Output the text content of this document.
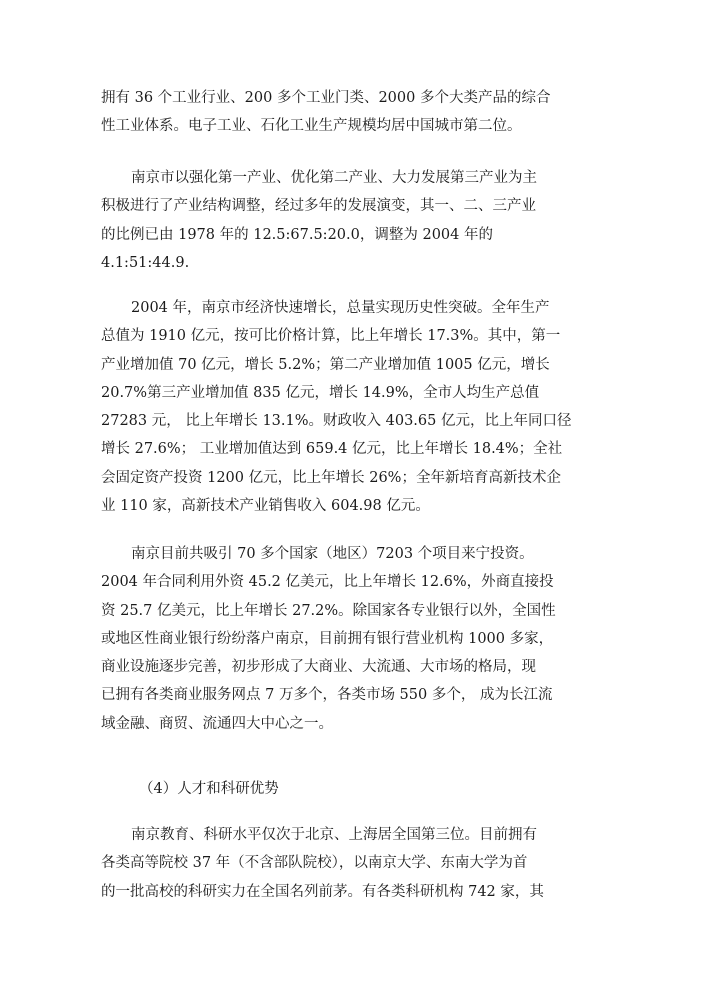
拥有 36 个工业行业、200 多个工业门类、2000 多个大类产品的综合
性工业体系。电子工业、石化工业生产规模均居中国城市第二位。
南京市以强化第一产业、优化第二产业、大力发展第三产业为主
积极进行了产业结构调整，经过多年的发展演变，其一、二、三产业
的比例已由 1978 年的 12.5:67.5:20.0，调整为 2004 年的
4.1:51:44.9.
2004 年，南京市经济快速增长，总量实现历史性突破。全年生产
总值为 1910 亿元，按可比价格计算，比上年增长 17.3%。其中，第一
产业增加值 70 亿元，增长 5.2%；第二产业增加值 1005 亿元，增长
20.7%第三产业增加值 835 亿元，增长 14.9%，全市人均生产总值
27283 元， 比上年增长 13.1%。财政收入 403.65 亿元，比上年同口径
增长 27.6%； 工业增加值达到 659.4 亿元，比上年增长 18.4%；全社
会固定资产投资 1200 亿元，比上年增长 26%；全年新培育高新技术企
业 110 家，高新技术产业销售收入 604.98 亿元。
南京目前共吸引 70 多个国家（地区）7203 个项目来宁投资。
2004 年合同利用外资 45.2 亿美元，比上年增长 12.6%，外商直接投
资 25.7 亿美元，比上年增长 27.2%。除国家各专业银行以外，全国性
或地区性商业银行纷纷落户南京，目前拥有银行营业机构 1000 多家，
商业设施逐步完善，初步形成了大商业、大流通、大市场的格局，现
已拥有各类商业服务网点 7 万多个，各类市场 550 多个， 成为长江流
域金融、商贸、流通四大中心之一。
（4）人才和科研优势
南京教育、科研水平仅次于北京、上海居全国第三位。目前拥有
各类高等院校 37 年（不含部队院校），以南京大学、东南大学为首
的一批高校的科研实力在全国名列前茅。有各类科研机构 742 家，其
